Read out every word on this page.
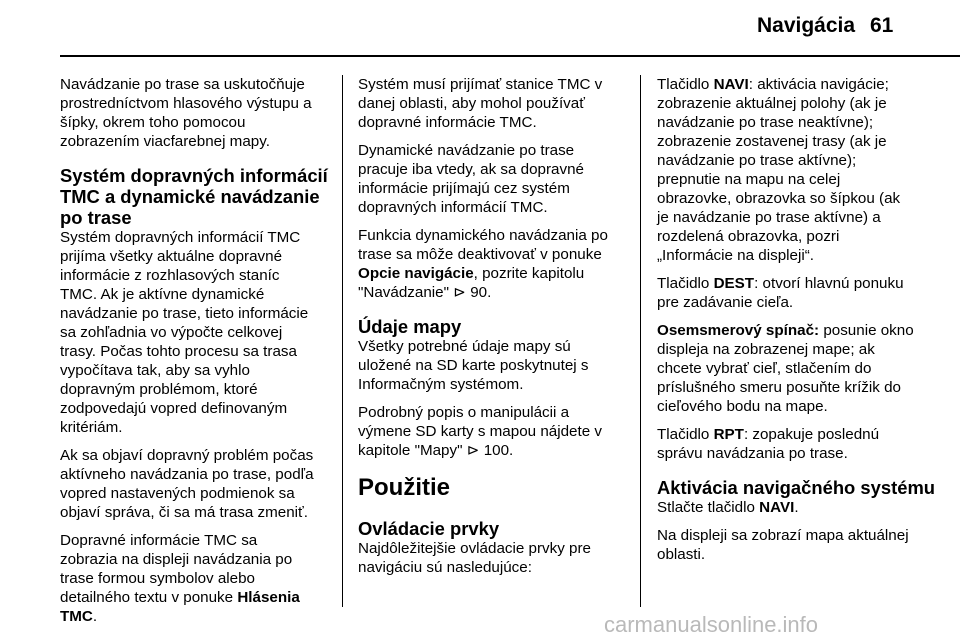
Navigácia 61

Navádzanie po trase sa uskutočňuje
prostredníctvom hlasového výstupu a
šípky, okrem toho pomocou
zobrazením viacfarebnej mapy.

Systém dopravných informácií
TMC a dynamické navádzanie
po trase

Systém dopravných informácií TMC
prijíma všetky aktuálne dopravné
informácie z rozhlasových staníc
TMC. Ak je aktívne dynamické
navádzanie po trase, tieto informácie
sa zohľadnia vo výpočte celkovej
trasy. Počas tohto procesu sa trasa
vypočítava tak, aby sa vyhlo
dopravným problémom, ktoré
zodpovedajú vopred definovaným
kritériám.

Ak sa objaví dopravný problém počas
aktívneho navádzania po trase, podľa
vopred nastavených podmienok sa
objaví správa, či sa má trasa zmeniť.

Dopravné informácie TMC sa
zobrazia na displeji navádzania po
trase formou symbolov alebo
detailného textu v ponuke Hlásenia
TMC.

Systém musí prijímať stanice TMC v
danej oblasti, aby mohol používať
dopravné informácie TMC.

Dynamické navádzanie po trase
pracuje iba vtedy, ak sa dopravné
informácie prijímajú cez systém
dopravných informácií TMC.

Funkcia dynamického navádzania po
trase sa môže deaktivovať v ponuke
Opcie navigácie, pozrite kapitolu
"Navádzanie" ⊳ 90.

Údaje mapy

Všetky potrebné údaje mapy sú
uložené na SD karte poskytnutej s
Informačným systémom.

Podrobný popis o manipulácii a
výmene SD karty s mapou nájdete v
kapitole "Mapy" ⊳ 100.

Použitie
Ovládacie prvky

Najdôležitejšie ovládacie prvky pre
navigáciu sú nasledujúce:

Tlačidlo NAVI: aktivácia navigácie;
zobrazenie aktuálnej polohy (ak je
navádzanie po trase neaktívne);
zobrazenie zostavenej trasy (ak je
navádzanie po trase aktívne);
prepnutie na mapu na celej
obrazovke, obrazovka so šípkou (ak
je navádzanie po trase aktívne) a
rozdelená obrazovka, pozri
„Informácie na displeji“.

Tlačidlo DEST: otvorí hlavnú ponuku
pre zadávanie cieľa.

Osemsmerový spínač: posunie okno
displeja na zobrazenej mape; ak
chcete vybrať cieľ, stlačením do
príslušného smeru posuňte krížik do
cieľového bodu na mape.

Tlačidlo RPT: zopakuje poslednú
správu navádzania po trase.

Aktivácia navigačného systému

Stlačte tlačidlo NAVI.

Na displeji sa zobrazí mapa aktuálnej
oblasti.

carmanualsonline.info
